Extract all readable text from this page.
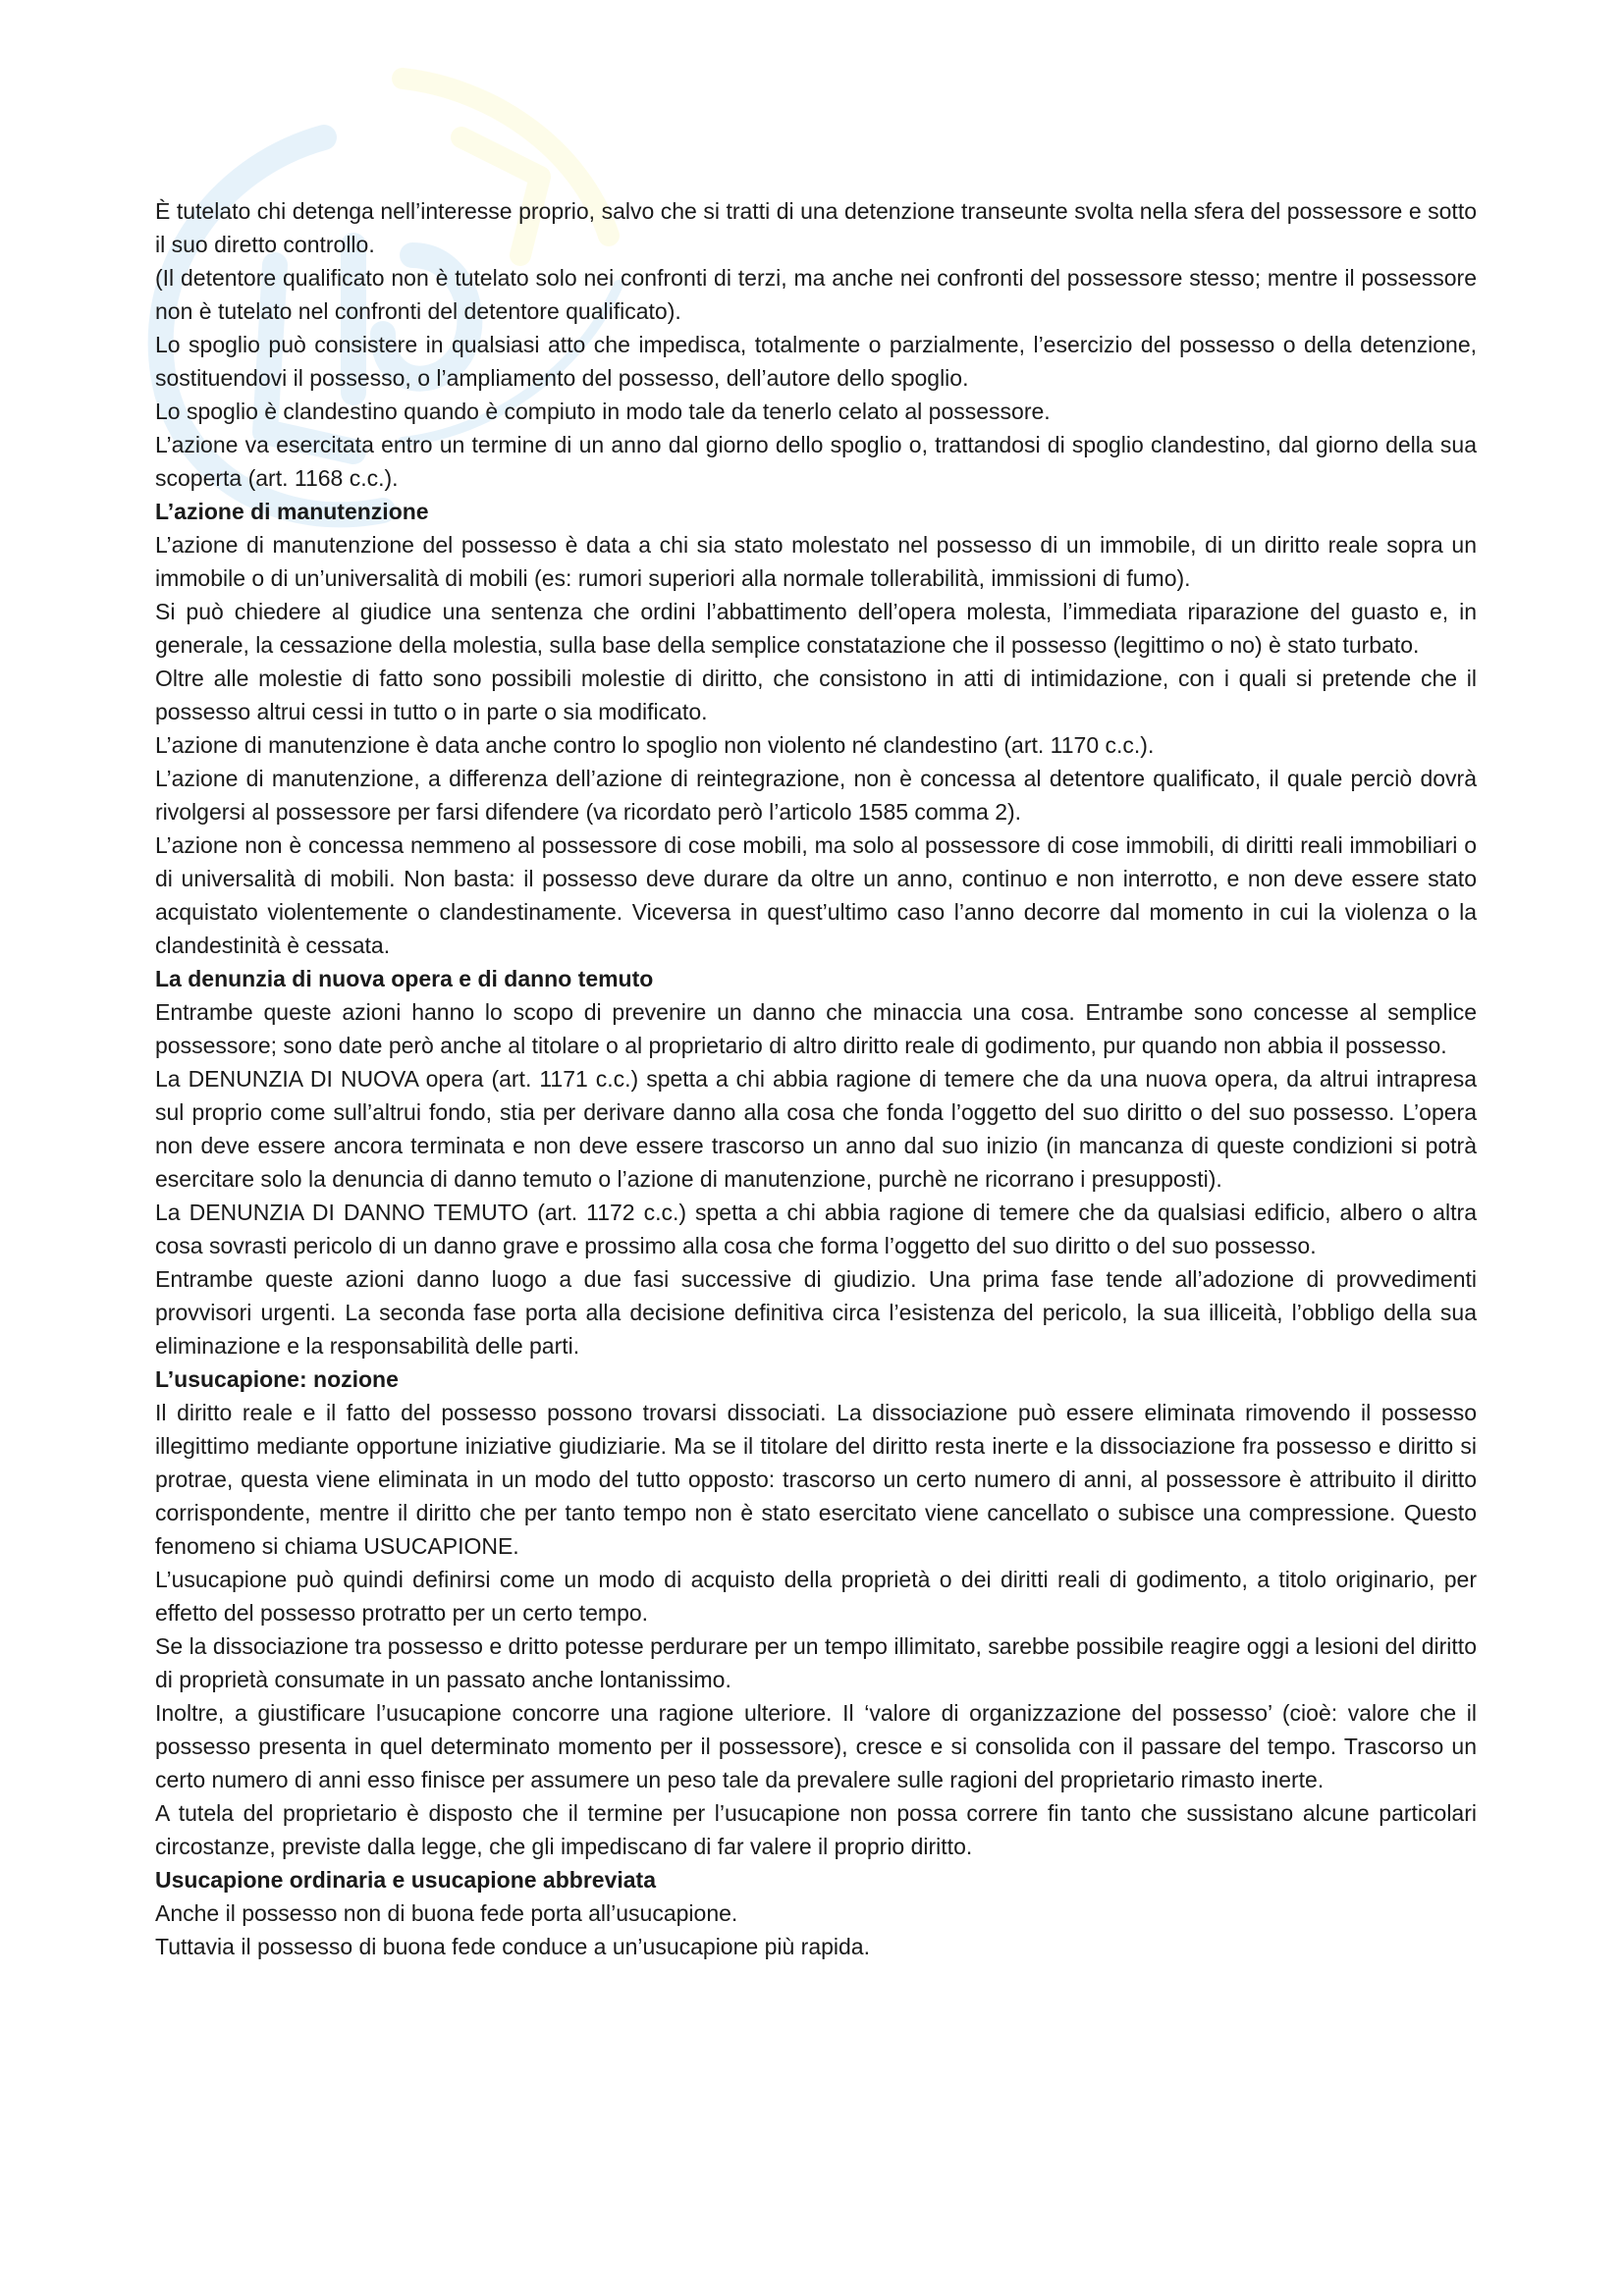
È tutelato chi detenga nell’interesse proprio, salvo che si tratti di una detenzione transeunte svolta nella sfera del possessore e sotto il suo diretto controllo.

(Il detentore qualificato non è tutelato solo nei confronti di terzi, ma anche nei confronti del possessore stesso; mentre il possessore non è tutelato nel confronti del detentore qualificato).

Lo spoglio può consistere in qualsiasi atto che impedisca, totalmente o parzialmente, l’esercizio del possesso o della detenzione, sostituendovi il possesso, o l’ampliamento del possesso, dell’autore dello spoglio.

Lo spoglio è clandestino quando è compiuto in modo tale da tenerlo celato al possessore.

L’azione va esercitata entro un termine di un anno dal giorno dello spoglio o, trattandosi di spoglio clandestino, dal giorno della sua scoperta (art. 1168 c.c.).

L’azione di manutenzione

L’azione di manutenzione del possesso è data a chi sia stato molestato nel possesso di un immobile, di un diritto reale sopra un immobile o di un’universalità di mobili (es: rumori superiori alla normale tollerabilità, immissioni di fumo).

Si può chiedere al giudice una sentenza che ordini l’abbattimento dell’opera molesta, l’immediata riparazione del guasto e, in generale, la cessazione della molestia, sulla base della semplice constatazione che il possesso (legittimo o no) è stato turbato.

Oltre alle molestie di fatto sono possibili molestie di diritto, che consistono in atti di intimidazione, con i quali si pretende che il possesso altrui cessi in tutto o in parte o sia modificato.

L’azione di manutenzione è data anche contro lo spoglio non violento né clandestino (art. 1170 c.c.).

L’azione di manutenzione, a differenza dell’azione di reintegrazione, non è concessa al detentore qualificato, il quale perciò dovrà rivolgersi al possessore per farsi difendere (va ricordato però l’articolo 1585 comma 2).

L’azione non è concessa nemmeno al possessore di cose mobili, ma solo al possessore di cose immobili, di diritti reali immobiliari o di universalità di mobili. Non basta: il possesso deve durare da oltre un anno, continuo e non interrotto, e non deve essere stato acquistato violentemente o clandestinamente. Viceversa in quest’ultimo caso l’anno decorre dal momento in cui la violenza o la clandestinità è cessata.

La denunzia di nuova opera e di danno temuto

Entrambe queste azioni hanno lo scopo di prevenire un danno che minaccia una cosa. Entrambe sono concesse al semplice possessore; sono date però anche al titolare o al proprietario di altro diritto reale di godimento, pur quando non abbia il possesso.

La DENUNZIA DI NUOVA opera (art. 1171 c.c.) spetta a chi abbia ragione di temere che da una nuova opera, da altrui intrapresa sul proprio come sull’altrui fondo, stia per derivare danno alla cosa che fonda l’oggetto del suo diritto o del suo possesso. L’opera non deve essere ancora terminata e non deve essere trascorso un anno dal suo inizio (in mancanza di queste condizioni si potrà esercitare solo la denuncia di danno temuto o l’azione di manutenzione, purchè ne ricorrano i presupposti).

La DENUNZIA DI DANNO TEMUTO (art. 1172 c.c.) spetta a chi abbia ragione di temere che da qualsiasi edificio, albero o altra cosa sovrasti pericolo di un danno grave e prossimo alla cosa che forma l’oggetto del suo diritto o del suo possesso.

Entrambe queste azioni danno luogo a due fasi successive di giudizio. Una prima fase tende all’adozione di provvedimenti provvisori urgenti. La seconda fase porta alla decisione definitiva circa l’esistenza del pericolo, la sua illiceità, l’obbligo della sua eliminazione e la responsabilità delle parti.

L’usucapione: nozione

Il diritto reale e il fatto del possesso possono trovarsi dissociati. La dissociazione può essere eliminata rimovendo il possesso illegittimo mediante opportune iniziative giudiziarie. Ma se il titolare del diritto resta inerte e la dissociazione fra possesso e diritto si protrae, questa viene eliminata in un modo del tutto opposto: trascorso un certo numero di anni, al possessore è attribuito il diritto corrispondente, mentre il diritto che per tanto tempo non è stato esercitato viene cancellato o subisce una compressione. Questo fenomeno si chiama USUCAPIONE.

L’usucapione può quindi definirsi come un modo di acquisto della proprietà o dei diritti reali di godimento, a titolo originario, per effetto del possesso protratto per un certo tempo.

Se la dissociazione tra possesso e dritto potesse perdurare per un tempo illimitato, sarebbe possibile reagire oggi a lesioni del diritto di proprietà consumate in un passato anche lontanissimo.

Inoltre, a giustificare l’usucapione concorre una ragione ulteriore. Il ‘valore di organizzazione del possesso’ (cioè: valore che il possesso presenta in quel determinato momento per il possessore), cresce e si consolida con il passare del tempo. Trascorso un certo numero di anni esso finisce per assumere un peso tale da prevalere sulle ragioni del proprietario rimasto inerte.

A tutela del proprietario è disposto che il termine per l’usucapione non possa correre fin tanto che sussistano alcune particolari circostanze, previste dalla legge, che gli impediscano di far valere il proprio diritto.

Usucapione ordinaria e usucapione abbreviata

Anche il possesso non di buona fede porta all’usucapione.

Tuttavia il possesso di buona fede conduce a un’usucapione più rapida.
